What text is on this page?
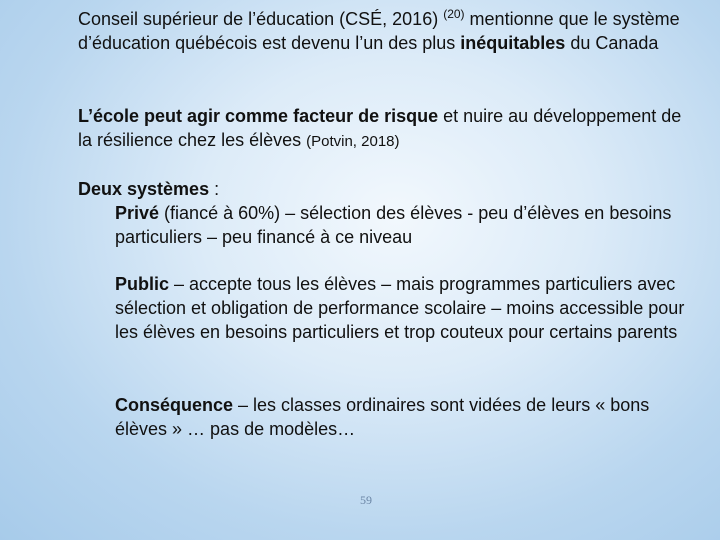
Conseil supérieur de l’éducation (CSÉ, 2016) $^{(20)}$ mentionne que le système d’éducation québécois est devenu l’un des plus inéquitables du Canada

L’école peut agir comme facteur de risque et nuire au développement de la résilience chez les élèves (Potvin, 2018)

Deux systèmes :

Privé (fiancé à 60%) – sélection des élèves - peu d’élèves en besoins particuliers – peu financé à ce niveau

Public – accepte tous les élèves – mais programmes particuliers avec sélection et obligation de performance scolaire – moins accessible pour les élèves en besoins particuliers et trop couteux pour certains parents

Conséquence – les classes ordinaires sont vidées de leurs « bons élèves » … pas de modèles…

59
